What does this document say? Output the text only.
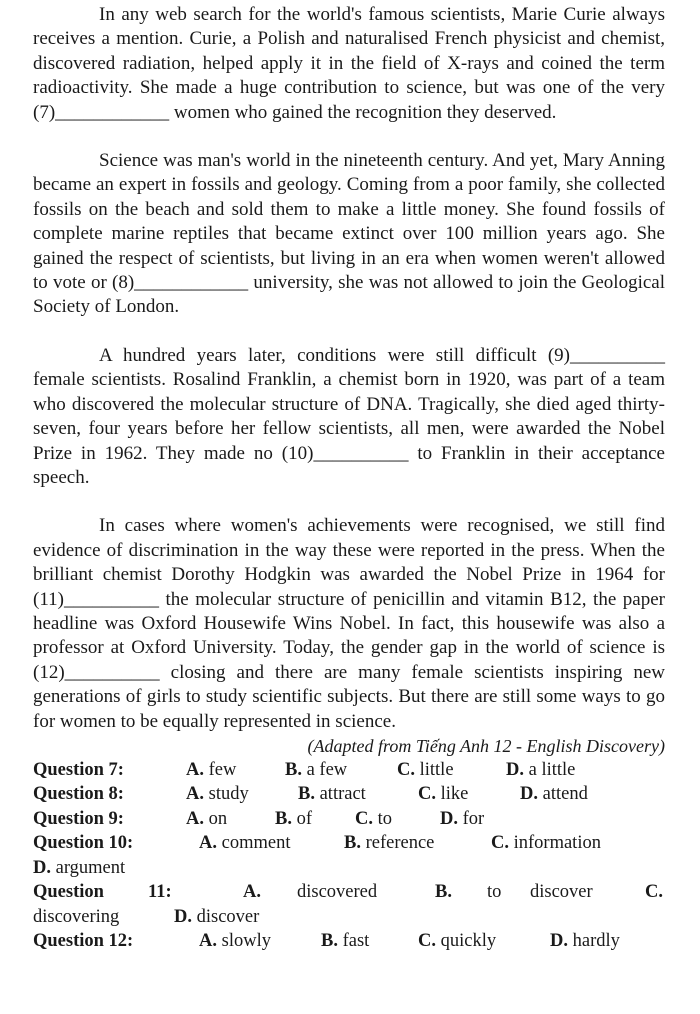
In any web search for the world's famous scientists, Marie Curie always receives a mention. Curie, a Polish and naturalised French physicist and chemist, discovered radiation, helped apply it in the field of X-rays and coined the term radioactivity. She made a huge contribution to science, but was one of the very (7)____________ women who gained the recognition they deserved.

Science was man's world in the nineteenth century. And yet, Mary Anning became an expert in fossils and geology. Coming from a poor family, she collected fossils on the beach and sold them to make a little money. She found fossils of complete marine reptiles that became extinct over 100 million years ago. She gained the respect of scientists, but living in an era when women weren't allowed to vote or (8)____________ university, she was not allowed to join the Geological Society of London.

A hundred years later, conditions were still difficult (9)__________ female scientists. Rosalind Franklin, a chemist born in 1920, was part of a team who discovered the molecular structure of DNA. Tragically, she died aged thirty-seven, four years before her fellow scientists, all men, were awarded the Nobel Prize in 1962. They made no (10)__________ to Franklin in their acceptance speech.

In cases where women's achievements were recognised, we still find evidence of discrimination in the way these were reported in the press. When the brilliant chemist Dorothy Hodgkin was awarded the Nobel Prize in 1964 for (11)__________ the molecular structure of penicillin and vitamin B12, the paper headline was Oxford Housewife Wins Nobel. In fact, this housewife was also a professor at Oxford University. Today, the gender gap in the world of science is (12)__________ closing and there are many female scientists inspiring new generations of girls to study scientific subjects. But there are still some ways to go for women to be equally represented in science.

(Adapted from Tiếng Anh 12 - English Discovery)

Question 7:	A. few	B. a few	C. little	D. a little
Question 8:	A. study	B. attract	C. like	D. attend
Question 9:	A. on	B. of C. to	D. for
Question 10:	A. comment	B. reference	C. information
D. argument
Question 11:	A. discovered	B. to discover	C.
discovering	D. discover
Question 12:	A. slowly	B. fast	C. quickly	D. hardly
